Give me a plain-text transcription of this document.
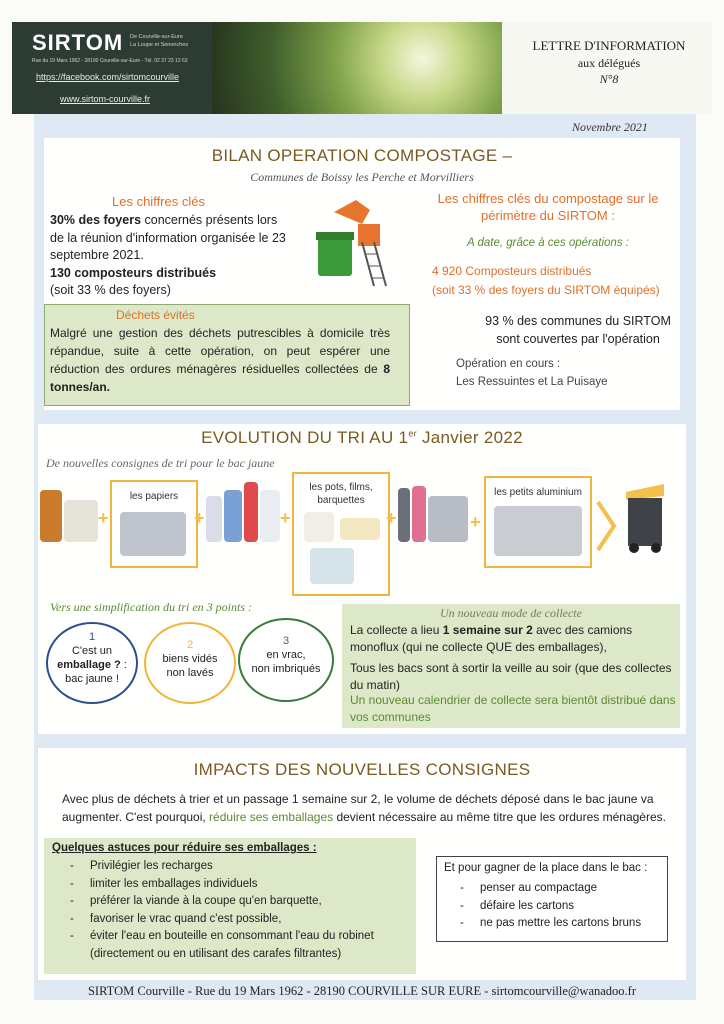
SIRTOM De Courville-sur-Eure
La Loupe et Senonches
Rue du 19 Mars 1962 - 28190 Courville-sur-Eure - Tél. 02 37 23 12 63
https://facebook.com/sirtomcourville
www.sirtom-courville.fr
LETTRE D'INFORMATION
aux délégués
N°8
Novembre 2021
BILAN OPERATION COMPOSTAGE –
Communes de Boissy les Perche et Morvilliers
Les chiffres clés
30% des foyers concernés présents lors de la réunion d'information organisée le 23 septembre 2021.
130 composteurs distribués
(soit 33 % des foyers)
Déchets évités

Malgré une gestion des déchets putrescibles à domicile très répandue, suite à cette opération, on peut espérer une réduction des ordures ménagères résiduelles collectées de 8 tonnes/an.

Les chiffres clés du compostage sur le périmètre du SIRTOM :
A date, grâce à ces opérations :
4 920 Composteurs distribués
(soit 33 % des foyers du SIRTOM équipés)
93 % des communes du SIRTOM sont couvertes par l'opération
Opération en cours :
Les Ressuintes et La Puisaye
EVOLUTION DU TRI AU 1er Janvier 2022
De nouvelles consignes de tri pour le bac jaune
+
les papiers
+	+
les pots, films, barquettes
+	+
les petits aluminium
Vers une simplification du tri en 3 points :
1
C'est un
emballage ? :
bac jaune !
2
biens vidés
non lavés
3
en vrac,
non imbriqués
Un nouveau mode de collecte

La collecte a lieu 1 semaine sur 2 avec des camions monoflux (qui ne collecte QUE des emballages),

Tous les bacs sont à sortir la veille au soir (que des collectes du matin)

Un nouveau calendrier de collecte sera bientôt distribué dans vos communes

IMPACTS DES NOUVELLES CONSIGNES

Avec plus de déchets à trier et un passage 1 semaine sur 2, le volume de déchets déposé dans le bac jaune va augmenter. C'est pourquoi, réduire ses emballages devient nécessaire au même titre que les ordures ménagères.

Quelques astuces pour réduire ses emballages :
- Privilégier les recharges
- limiter les emballages individuels
- préférer la viande à la coupe qu'en barquette,
- favoriser le vrac quand c'est possible,
- éviter l'eau en bouteille en consommant l'eau du robinet (directement ou en utilisant des carafes filtrantes)
Et pour gagner de la place dans le bac :
- penser au compactage
- défaire les cartons
- ne pas mettre les cartons bruns
SIRTOM Courville - Rue du 19 Mars 1962 - 28190 COURVILLE SUR EURE - sirtomcourville@wanadoo.fr
